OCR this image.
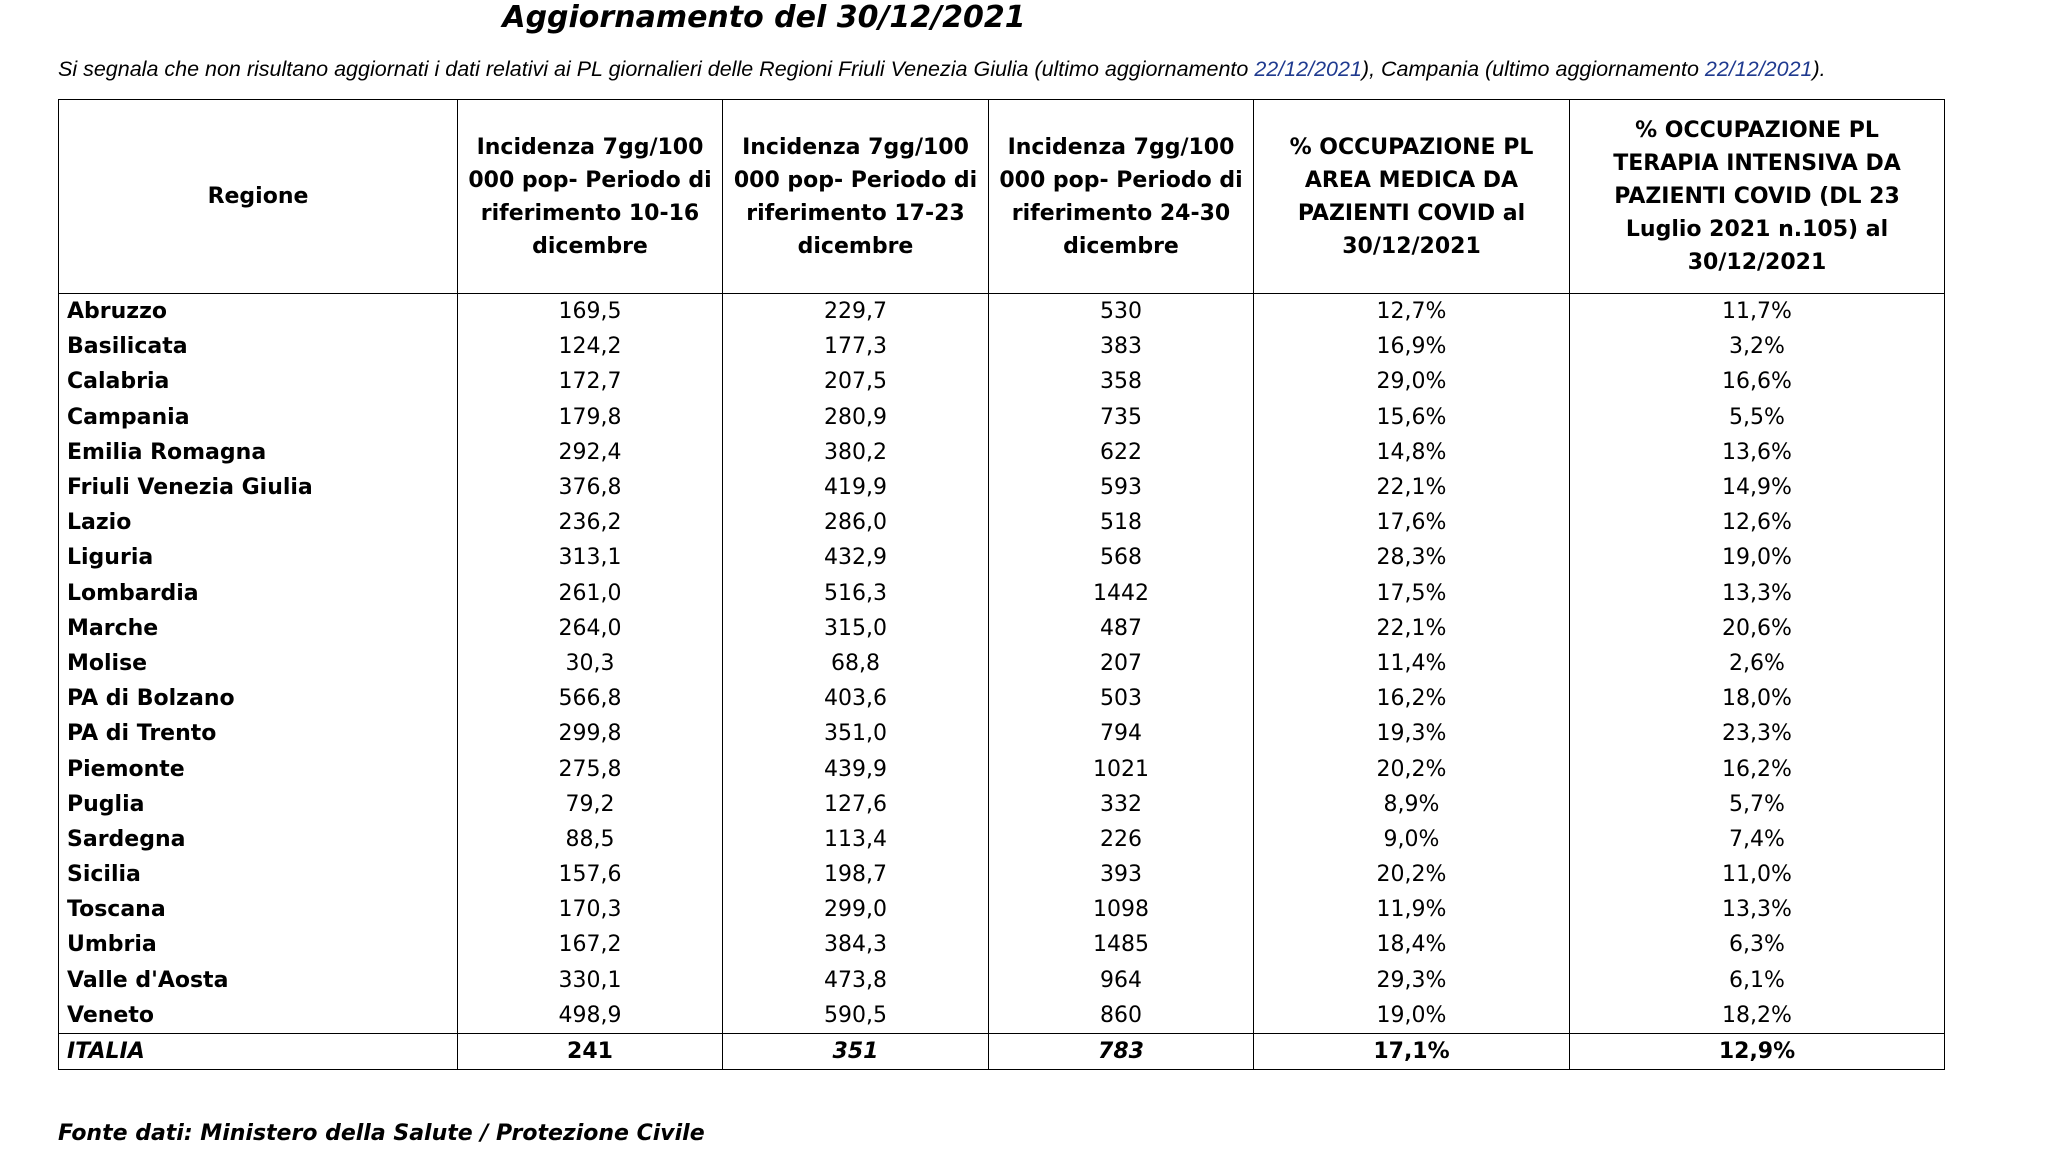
Aggiornamento del 30/12/2021
Si segnala che non risultano aggiornati i dati relativi ai PL giornalieri delle Regioni Friuli Venezia Giulia (ultimo aggiornamento 22/12/2021), Campania (ultimo aggiornamento 22/12/2021).
Regione	Incidenza 7gg/100 000 pop- Periodo di riferimento 10-16 dicembre	Incidenza 7gg/100 000 pop- Periodo di riferimento 17-23 dicembre	Incidenza 7gg/100 000 pop- Periodo di riferimento 24-30 dicembre	% OCCUPAZIONE PL AREA MEDICA DA PAZIENTI COVID al 30/12/2021	% OCCUPAZIONE PL TERAPIA INTENSIVA DA PAZIENTI COVID (DL 23 Luglio 2021 n.105) al 30/12/2021
Abruzzo	169,5	229,7	530	12,7%	11,7%
Basilicata	124,2	177,3	383	16,9%	3,2%
Calabria	172,7	207,5	358	29,0%	16,6%
Campania	179,8	280,9	735	15,6%	5,5%
Emilia Romagna	292,4	380,2	622	14,8%	13,6%
Friuli Venezia Giulia	376,8	419,9	593	22,1%	14,9%
Lazio	236,2	286,0	518	17,6%	12,6%
Liguria	313,1	432,9	568	28,3%	19,0%
Lombardia	261,0	516,3	1442	17,5%	13,3%
Marche	264,0	315,0	487	22,1%	20,6%
Molise	30,3	68,8	207	11,4%	2,6%
PA di Bolzano	566,8	403,6	503	16,2%	18,0%
PA di Trento	299,8	351,0	794	19,3%	23,3%
Piemonte	275,8	439,9	1021	20,2%	16,2%
Puglia	79,2	127,6	332	8,9%	5,7%
Sardegna	88,5	113,4	226	9,0%	7,4%
Sicilia	157,6	198,7	393	20,2%	11,0%
Toscana	170,3	299,0	1098	11,9%	13,3%
Umbria	167,2	384,3	1485	18,4%	6,3%
Valle d'Aosta	330,1	473,8	964	29,3%	6,1%
Veneto	498,9	590,5	860	19,0%	18,2%
ITALIA	241	351	783	17,1%	12,9%
Fonte dati: Ministero della Salute / Protezione Civile
